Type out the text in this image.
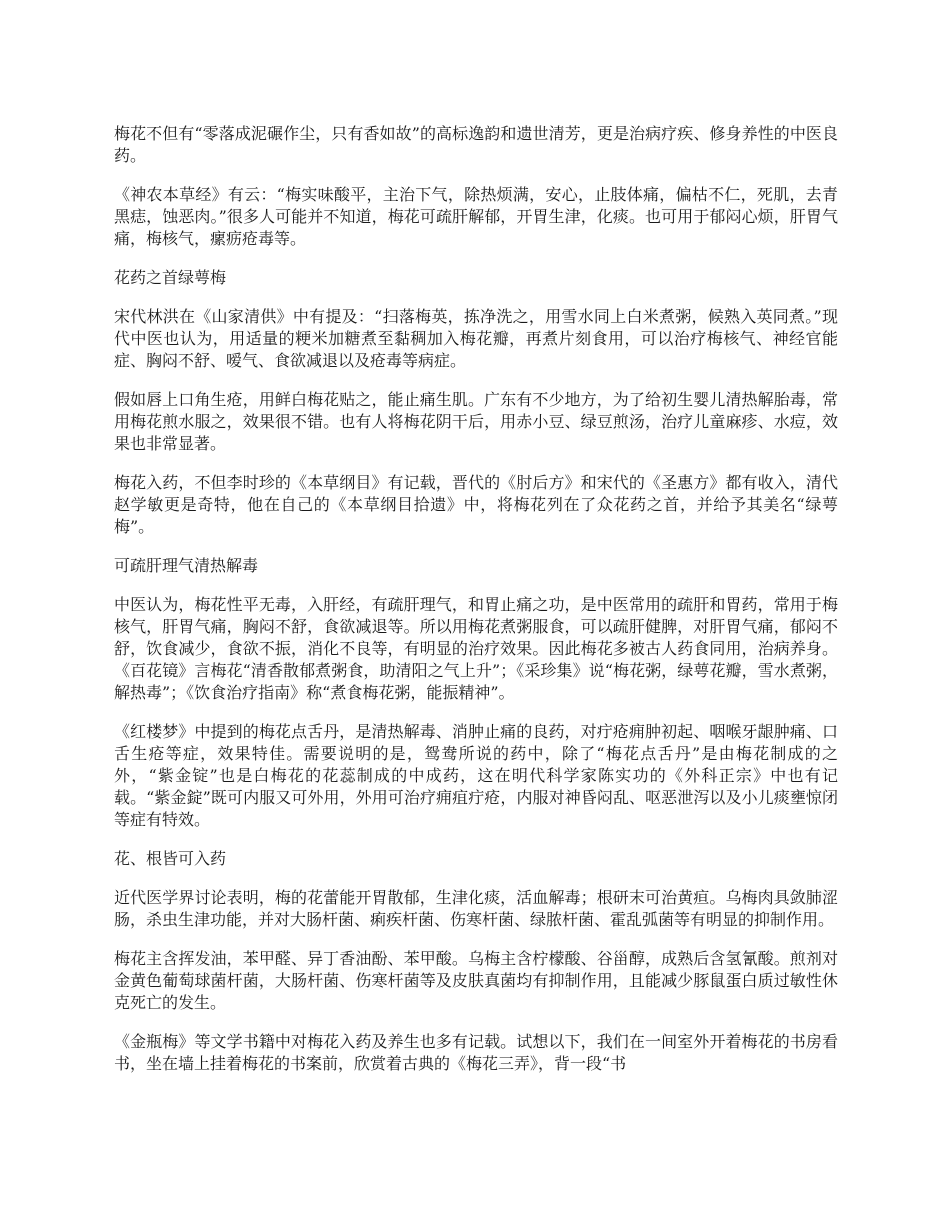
梅花不但有“零落成泥碾作尘，只有香如故”的高标逸韵和遗世清芳，更是治病疗疾、修身养性的中医良药。

《神农本草经》有云：“梅实味酸平，主治下气，除热烦满，安心，止肢体痛，偏枯不仁，死肌，去青黑痣，蚀恶肉。”很多人可能并不知道，梅花可疏肝解郁，开胃生津，化痰。也可用于郁闷心烦，肝胃气痛，梅核气，瘰疬疮毒等。

花药之首绿萼梅

宋代林洪在《山家清供》中有提及：“扫落梅英，拣净洗之，用雪水同上白米煮粥，候熟入英同煮。”现代中医也认为，用适量的粳米加糖煮至黏稠加入梅花瓣，再煮片刻食用，可以治疗梅核气、神经官能症、胸闷不舒、嗳气、食欲减退以及疮毒等病症。

假如唇上口角生疮，用鲜白梅花贴之，能止痛生肌。广东有不少地方，为了给初生婴儿清热解胎毒，常用梅花煎水服之，效果很不错。也有人将梅花阴干后，用赤小豆、绿豆煎汤，治疗儿童麻疹、水痘，效果也非常显著。

梅花入药，不但李时珍的《本草纲目》有记载，晋代的《肘后方》和宋代的《圣惠方》都有收入，清代赵学敏更是奇特，他在自己的《本草纲目拾遗》中，将梅花列在了众花药之首，并给予其美名“绿萼梅”。

可疏肝理气清热解毒

中医认为，梅花性平无毒，入肝经，有疏肝理气，和胃止痛之功，是中医常用的疏肝和胃药，常用于梅核气，肝胃气痛，胸闷不舒，食欲减退等。所以用梅花煮粥服食，可以疏肝健脾，对肝胃气痛，郁闷不舒，饮食减少，食欲不振，消化不良等，有明显的治疗效果。因此梅花多被古人药食同用，治病养身。《百花镜》言梅花“清香散郁煮粥食，助清阳之气上升”；《采珍集》说“梅花粥，绿萼花瓣，雪水煮粥，解热毒”；《饮食治疗指南》称“煮食梅花粥，能振精神”。

《红楼梦》中提到的梅花点舌丹，是清热解毒、消肿止痛的良药，对疔疮痈肿初起、咽喉牙龈肿痛、口舌生疮等症，效果特佳。需要说明的是，鸳鸯所说的药中，除了“梅花点舌丹”是由梅花制成的之外，“紫金锭”也是白梅花的花蕊制成的中成药，这在明代科学家陈实功的《外科正宗》中也有记载。“紫金錠”既可内服又可外用，外用可治疗痈疽疔疮，内服对神昏闷乱、呕恶泄泻以及小儿痰壅惊闭等症有特效。

花、根皆可入药

近代医学界讨论表明，梅的花蕾能开胃散郁，生津化痰，活血解毒；根研末可治黄疸。乌梅肉具敛肺涩肠，杀虫生津功能，并对大肠杆菌、痢疾杆菌、伤寒杆菌、绿脓杆菌、霍乱弧菌等有明显的抑制作用。

梅花主含挥发油，苯甲醛、异丁香油酚、苯甲酸。乌梅主含柠檬酸、谷甾醇，成熟后含氢氰酸。煎剂对金黄色葡萄球菌杆菌，大肠杆菌、伤寒杆菌等及皮肤真菌均有抑制作用，且能减少豚鼠蛋白质过敏性休克死亡的发生。

《金瓶梅》等文学书籍中对梅花入药及养生也多有记载。试想以下，我们在一间室外开着梅花的书房看书，坐在墙上挂着梅花的书案前，欣赏着古典的《梅花三弄》，背一段“书
